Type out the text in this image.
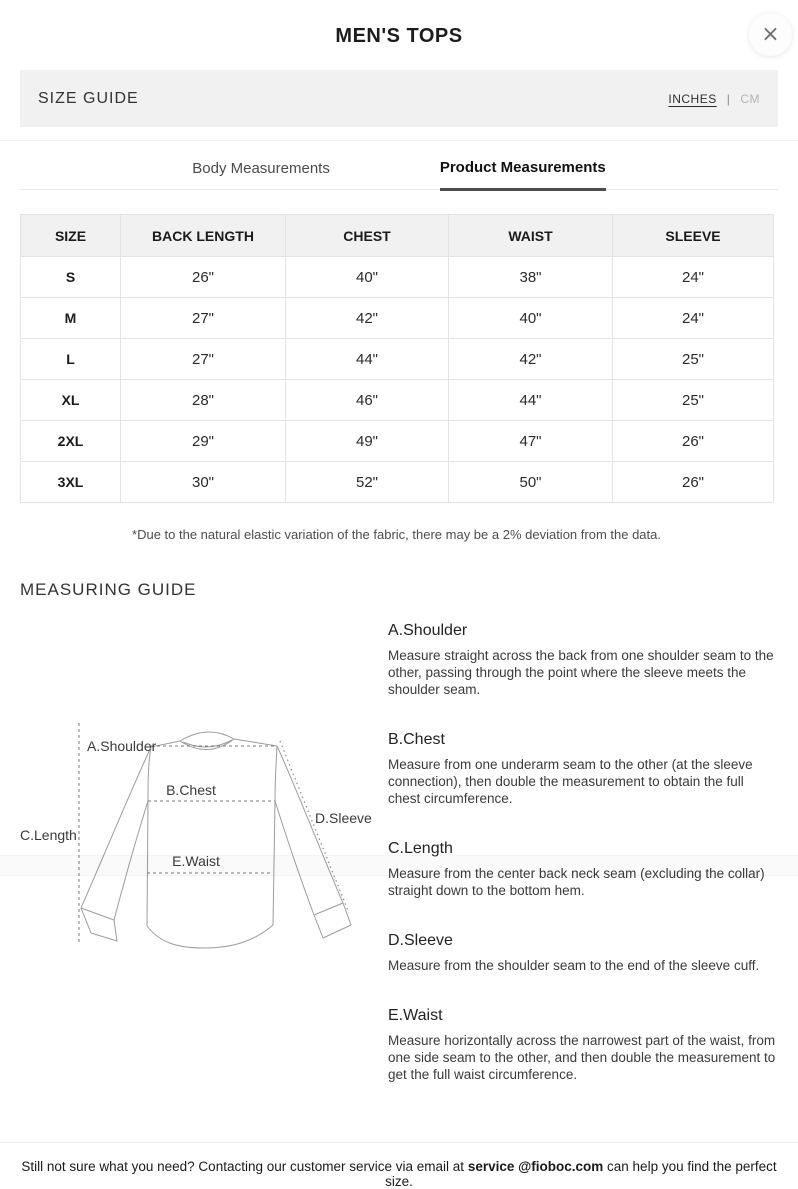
MEN'S TOPS	×
SIZE GUIDE	INCHES | CM
Body Measurements	Product Measurements
SIZE	BACK LENGTH	CHEST	WAIST	SLEEVE
S	26"	40"	38"	24"
M	27"	42"	40"	24"
L	27"	44"	42"	25"
XL	28"	46"	44"	25"
2XL	29"	49"	47"	26"
3XL	30"	52"	50"	26"
*Due to the natural elastic variation of the fabric, there may be a 2% deviation from the data.
MEASURING GUIDE
A.Shoulder
B.Chest
C.Length
D.Sleeve
E.Waist
A.Shoulder

Measure straight across the back from one shoulder seam to the other, passing through the point where the sleeve meets the shoulder seam.

B.Chest

Measure from one underarm seam to the other (at the sleeve connection), then double the measurement to obtain the full chest circumference.

C.Length

Measure from the center back neck seam (excluding the collar) straight down to the bottom hem.

D.Sleeve

Measure from the shoulder seam to the end of the sleeve cuff.

E.Waist

Measure horizontally across the narrowest part of the waist, from one side seam to the other, and then double the measurement to get the full waist circumference.

Still not sure what you need? Contacting our customer service via email at service @fioboc.com can help you find the perfect size.
